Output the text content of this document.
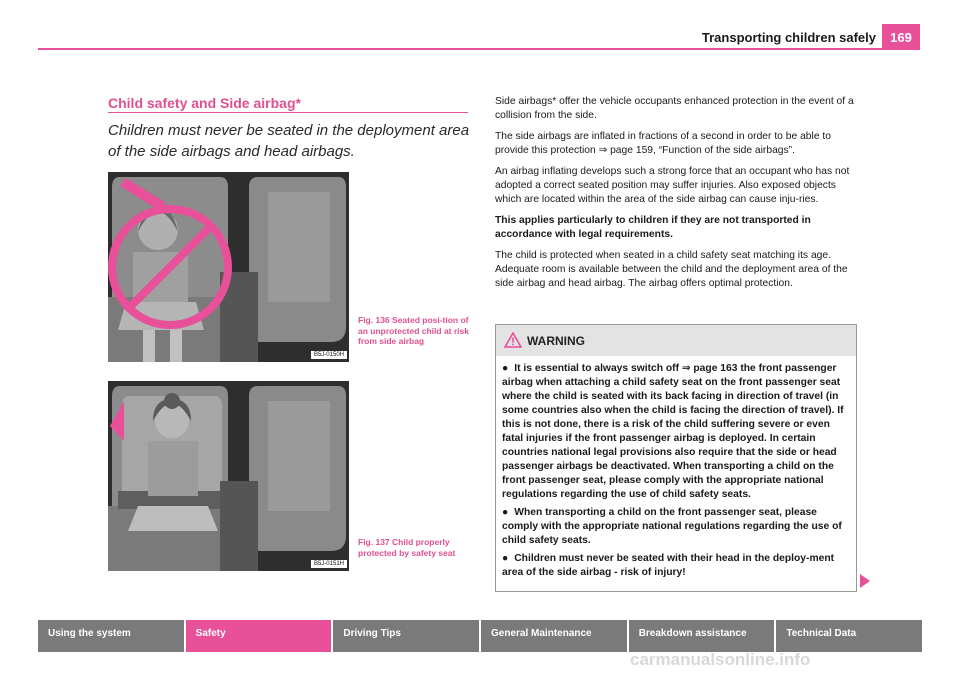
Transporting children safely	169
Child safety and Side airbag*
Children must never be seated in the deployment area of the side airbags and head airbags.
B5J-0150H
Fig. 136 Seated posi-tion of an unprotected child at risk from side airbag
B5J-0151H
Fig. 137 Child properly protected by safety seat

Side airbags* offer the vehicle occupants enhanced protection in the event of a collision from the side.

The side airbags are inflated in fractions of a second in order to be able to provide this protection ⇒ page 159, “Function of the side airbags”.

An airbag inflating develops such a strong force that an occupant who has not adopted a correct seated position may suffer injuries. Also exposed objects which are located within the area of the side airbag can cause inju-ries.

This applies particularly to children if they are not transported in accordance with legal requirements.

The child is protected when seated in a child safety seat matching its age. Adequate room is available between the child and the deployment area of the side airbag and head airbag. The airbag offers optimal protection.

WARNING

● It is essential to always switch off ⇒ page 163 the front passenger airbag when attaching a child safety seat on the front passenger seat where the child is seated with its back facing in direction of travel (in some countries also when the child is facing the direction of travel). If this is not done, there is a risk of the child suffering severe or even fatal injuries if the front passenger airbag is deployed. In certain countries national legal provisions also require that the side or head passenger airbags be deactivated. When transporting a child on the front passenger seat, please comply with the appropriate national regulations regarding the use of child safety seats.

● When transporting a child on the front passenger seat, please comply with the appropriate national regulations regarding the use of child safety seats.

● Children must never be seated with their head in the deploy-ment area of the side airbag - risk of injury!

Using the system	Safety	Driving Tips	General Maintenance	Breakdown assistance	Technical Data
carmanualsonline.info
